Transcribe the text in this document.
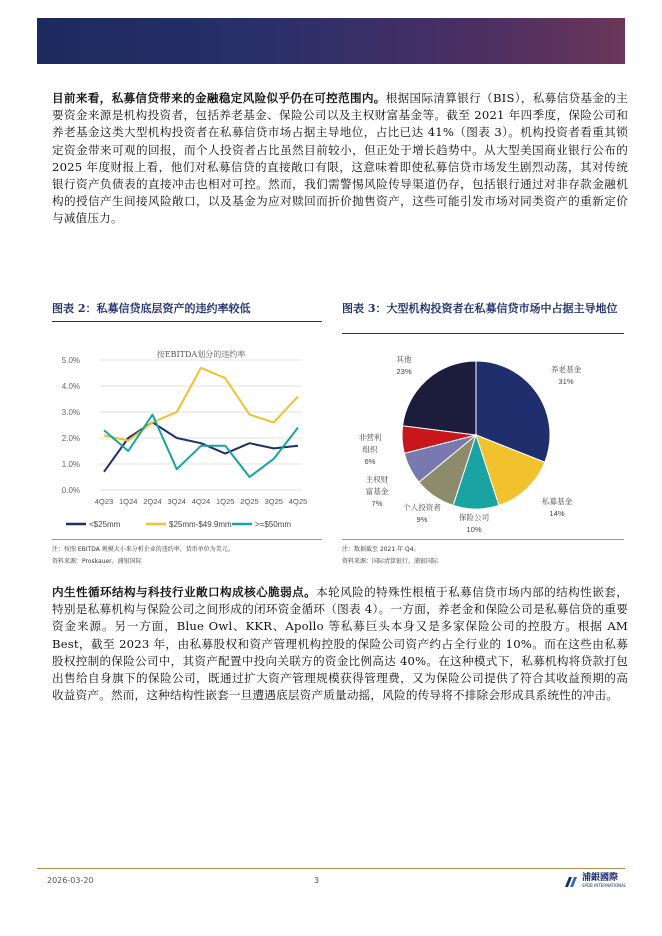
目前来看，私募信贷带来的金融稳定风险似乎仍在可控范围内。根据国际清算银行（BIS），私募信贷基金的主要资金来源是机构投资者，包括养老基金、保险公司以及主权财富基金等。截至 2021 年四季度，保险公司和养老基金这类大型机构投资者在私募信贷市场占据主导地位，占比已达 41%（图表 3）。机构投资者看重其锁定资金带来可观的回报，而个人投资者占比虽然目前较小，但正处于增长趋势中。从大型美国商业银行公布的 2025 年度财报上看，他们对私募信贷的直接敞口有限，这意味着即使私募信贷市场发生剧烈动荡，其对传统银行资产负债表的直接冲击也相对可控。然而，我们需警惕风险传导渠道仍存，包括银行通过对非存款金融机构的授信产生间接风险敞口，以及基金为应对赎回而折价抛售资产，这些可能引发市场对同类资产的重新定价与减值压力。

图表 2：私募信贷底层资产的违约率较低	图表 3：大型机构投资者在私募信贷市场中占据主导地位
0.0%
1.0%
2.0%
3.0%
4.0%
5.0%
按EBITDA划分的违约率
4Q23 1Q24 2Q24 3Q24 4Q24 1Q25 2Q25 3Q25 4Q25
<$25mm	$25mm-$49.9mm	>=$50mm
养老基金
31%
私募基金
14%
保险公司
10%
个人投资者
9%
主权财
富基金
7%
非营利
组织
6%
其他
23%
注：按照 EBITDA 规模大小来分析企业的违约率，货币单位为美元。
资料来源：Proskauer、浦银国际
注：数据截至 2021 年 Q4。
资料来源：国际清算银行、浦银国际

内生性循环结构与科技行业敞口构成核心脆弱点。本轮风险的特殊性根植于私募信贷市场内部的结构性嵌套，特别是私募机构与保险公司之间形成的闭环资金循环（图表 4）。一方面，养老金和保险公司是私募信贷的重要资金来源。另一方面，Blue Owl、KKR、Apollo 等私募巨头本身又是多家保险公司的控股方。根据 AM Best，截至 2023 年，由私募股权和资产管理机构控股的保险公司资产约占全行业的 10%。而在这些由私募股权控制的保险公司中，其资产配置中投向关联方的资金比例高达 40%。在这种模式下，私募机构将贷款打包出售给自身旗下的保险公司，既通过扩大资产管理规模获得管理费，又为保险公司提供了符合其收益预期的高收益资产。然而，这种结构性嵌套一旦遭遇底层资产质量动摇，风险的传导将不排除会形成具系统性的冲击。

2026-03-20	3	浦銀國際
SPDB INTERNATIONAL
